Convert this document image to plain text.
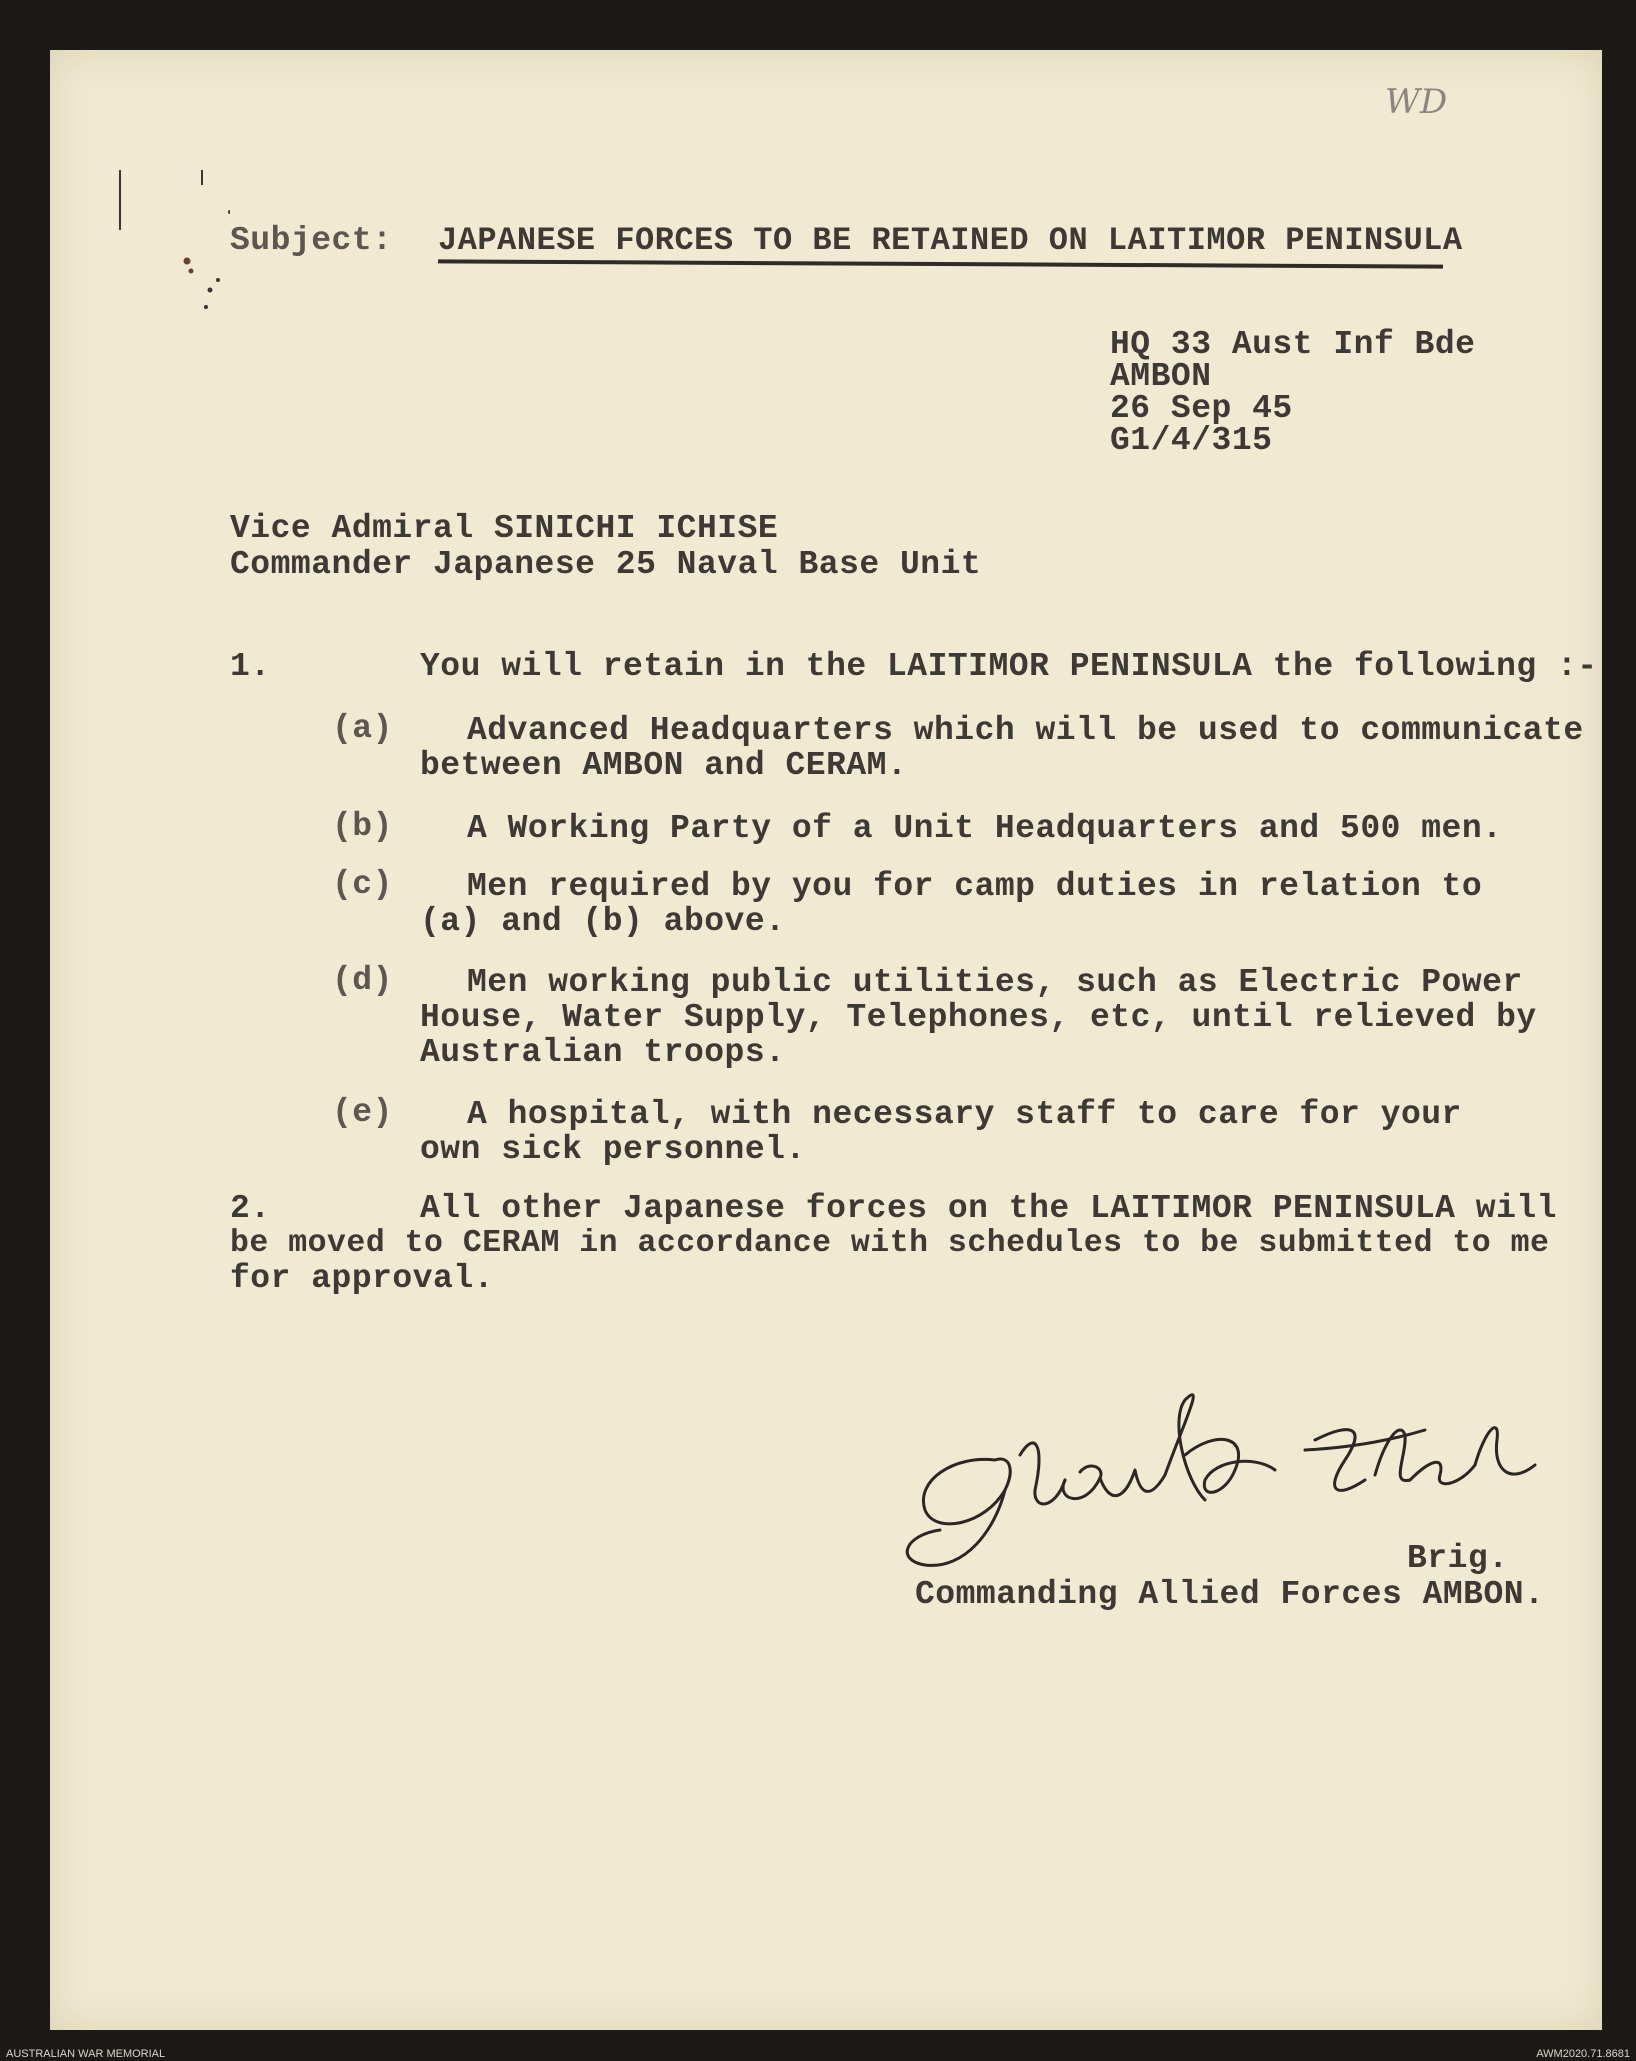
WD
Subject: JAPANESE FORCES TO BE RETAINED ON LAITIMOR PENINSULA
HQ 33 Aust Inf Bde
AMBON
26 Sep 45
G1/4/315
Vice Admiral SINICHI ICHISE
Commander Japanese 25 Naval Base Unit
1.	You will retain in the LAITIMOR PENINSULA the following :-
(a) Advanced Headquarters which will be used to communicate
between AMBON and CERAM.
(b) A Working Party of a Unit Headquarters and 500 men.
(c) Men required by you for camp duties in relation to
(a) and (b) above.
(d) Men working public utilities, such as Electric Power
House, Water Supply, Telephones, etc, until relieved by
Australian troops.
(e) A hospital, with necessary staff to care for your
own sick personnel.
2.	All other Japanese forces on the LAITIMOR PENINSULA will
be moved to CERAM in accordance with schedules to be submitted to me
for approval.
Brig.
Commanding Allied Forces AMBON.
AUSTRALIAN WAR MEMORIAL	AWM2020.71.8681
